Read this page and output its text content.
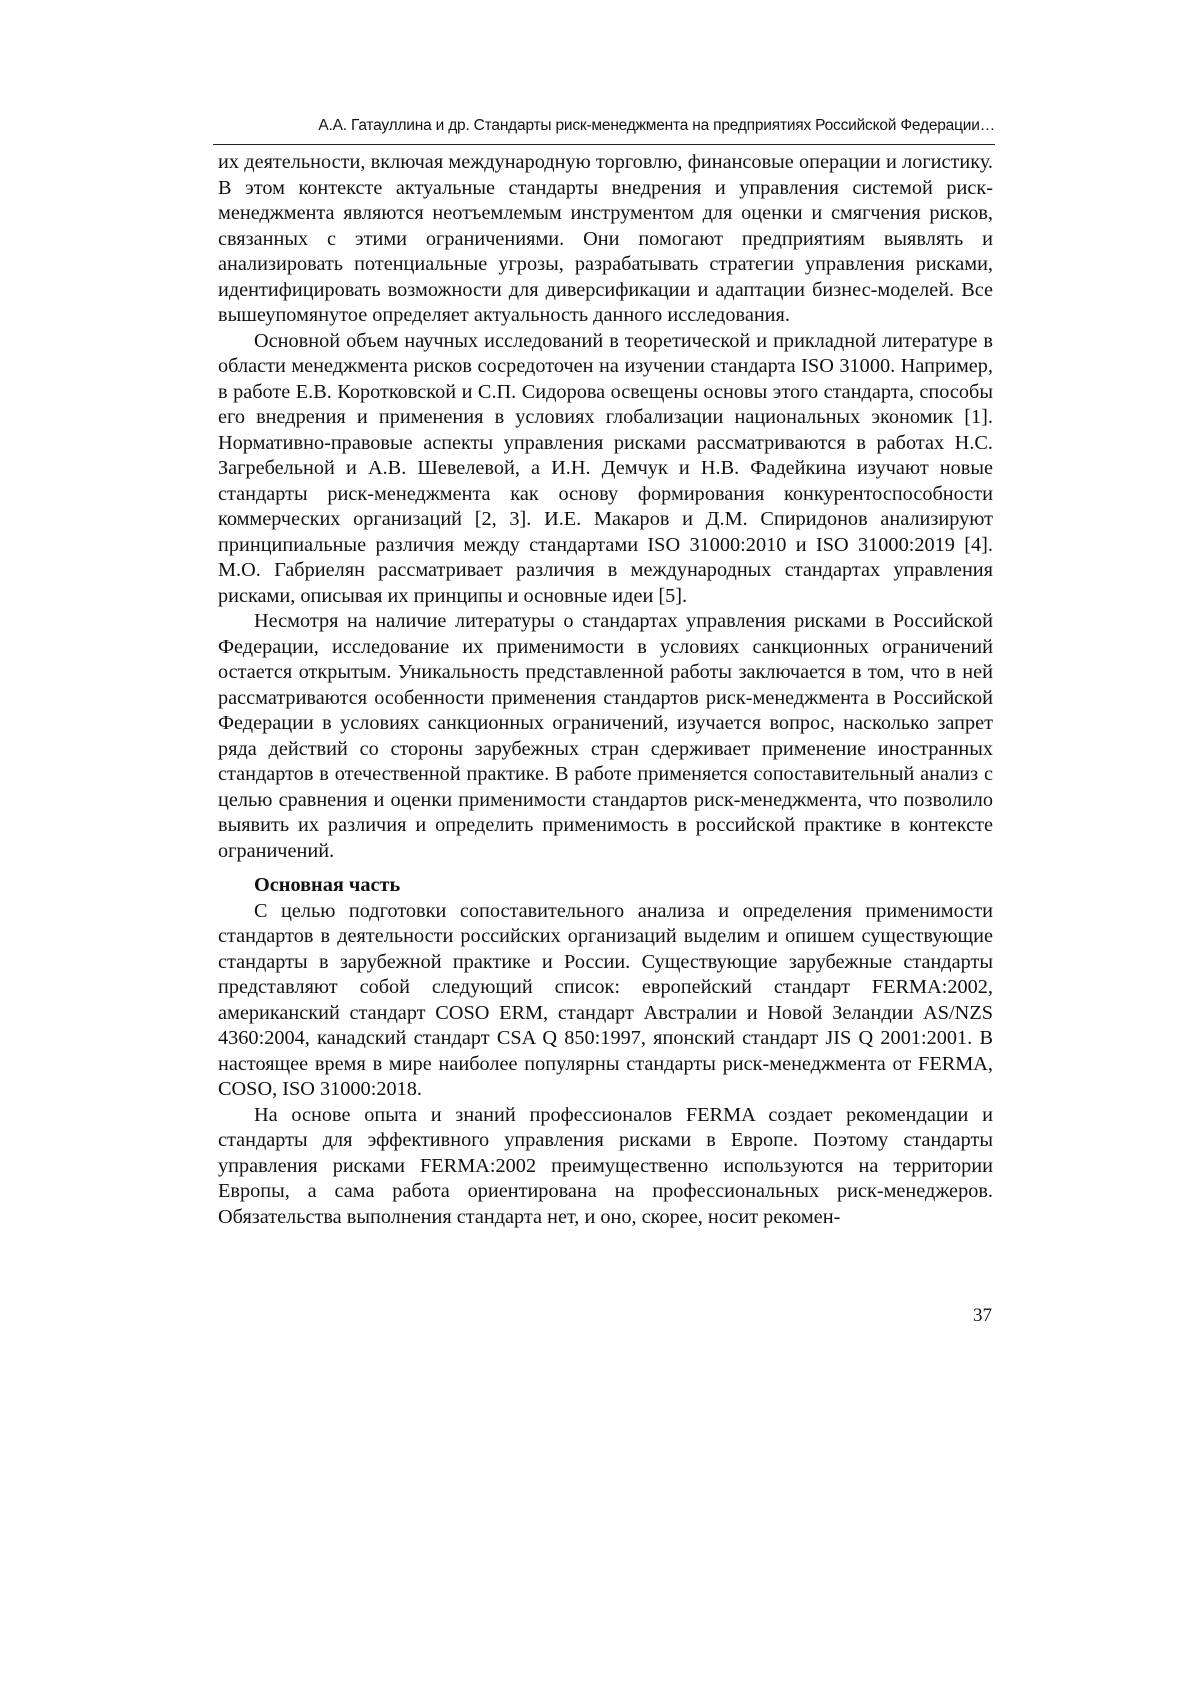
А.А. Гатауллина и др. Стандарты риск-менеджмента на предприятиях Российской Федерации…

их деятельности, включая международную торговлю, финансовые операции и логистику. В этом контексте актуальные стандарты внедрения и управления системой риск-менеджмента являются неотъемлемым инструментом для оценки и смягчения рисков, связанных с этими ограничениями. Они помогают предприятиям выявлять и анализировать потенциальные угрозы, разрабатывать стратегии управления рисками, идентифицировать возможности для диверсификации и адаптации бизнес-моделей. Все вышеупомянутое определяет актуальность данного исследования.

Основной объем научных исследований в теоретической и прикладной литературе в области менеджмента рисков сосредоточен на изучении стандарта ISO 31000. Например, в работе Е.В. Коротковской и С.П. Сидорова освещены основы этого стандарта, способы его внедрения и применения в условиях глобализации национальных экономик [1]. Нормативно-правовые аспекты управления рисками рассматриваются в работах Н.С. Загребельной и А.В. Шевелевой, а И.Н. Демчук и Н.В. Фадейкина изучают новые стандарты риск-менеджмента как основу формирования конкурентоспособности коммерческих организаций [2, 3]. И.Е. Макаров и Д.М. Спиридонов анализируют принципиальные различия между стандартами ISO 31000:2010 и ISO 31000:2019 [4]. М.О. Габриелян рассматривает различия в международных стандартах управления рисками, описывая их принципы и основные идеи [5].

Несмотря на наличие литературы о стандартах управления рисками в Российской Федерации, исследование их применимости в условиях санкционных ограничений остается открытым. Уникальность представленной работы заключается в том, что в ней рассматриваются особенности применения стандартов риск-менеджмента в Российской Федерации в условиях санкционных ограничений, изучается вопрос, насколько запрет ряда действий со стороны зарубежных стран сдерживает применение иностранных стандартов в отечественной практике. В работе применяется сопоставительный анализ с целью сравнения и оценки применимости стандартов риск-менеджмента, что позволило выявить их различия и определить применимость в российской практике в контексте ограничений.

Основная часть

С целью подготовки сопоставительного анализа и определения применимости стандартов в деятельности российских организаций выделим и опишем существующие стандарты в зарубежной практике и России. Существующие зарубежные стандарты представляют собой следующий список: европейский стандарт FERMA:2002, американский стандарт COSO ERM, стандарт Австралии и Новой Зеландии AS/NZS 4360:2004, канадский стандарт CSA Q 850:1997, японский стандарт JIS Q 2001:2001. В настоящее время в мире наиболее популярны стандарты риск-менеджмента от FERMA, COSO, ISO 31000:2018.

На основе опыта и знаний профессионалов FERMA создает рекомендации и стандарты для эффективного управления рисками в Европе. Поэтому стандарты управления рисками FERMA:2002 преимущественно используются на территории Европы, а сама работа ориентирована на профессиональных риск-менеджеров. Обязательства выполнения стандарта нет, и оно, скорее, носит рекомен-

37
